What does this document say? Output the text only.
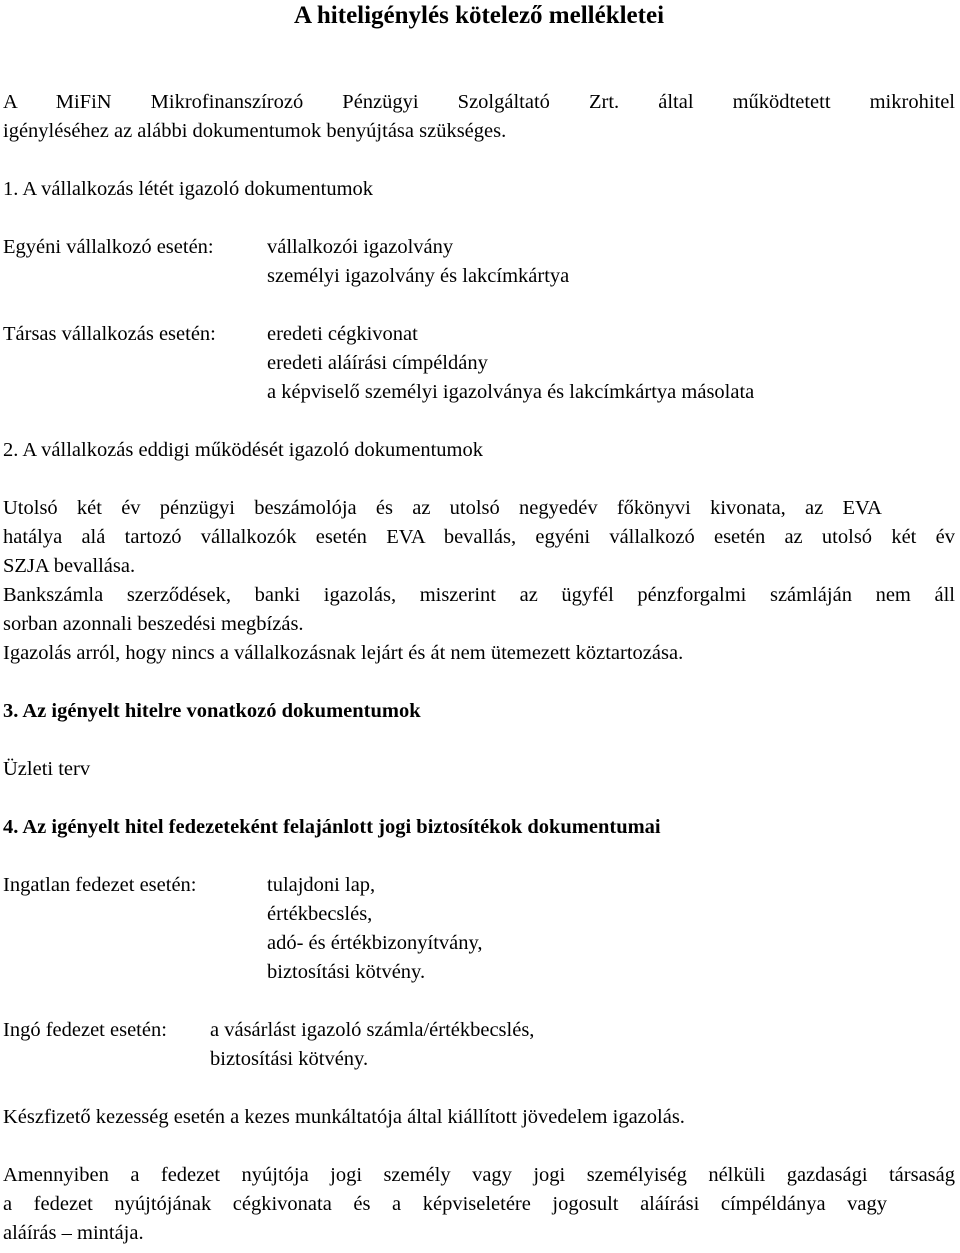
A hiteligénylés kötelező mellékletei
A MiFiN Mikrofinanszírozó Pénzügyi Szolgáltató Zrt. által működtetett mikrohitel
igényléséhez az alábbi dokumentumok benyújtása szükséges.
1. A vállalkozás létét igazoló dokumentumok
Egyéni vállalkozó esetén:	vállalkozói igazolvány
személyi igazolvány és lakcímkártya
Társas vállalkozás esetén: eredeti cégkivonat
eredeti aláírási címpéldány
a képviselő személyi igazolványa és lakcímkártya másolata
2. A vállalkozás eddigi működését igazoló dokumentumok
Utolsó két év pénzügyi beszámolója és az utolsó negyedév főkönyvi kivonata, az EVA
hatálya alá tartozó vállalkozók esetén EVA bevallás, egyéni vállalkozó esetén az utolsó két év
SZJA bevallása.
Bankszámla szerződések, banki igazolás, miszerint az ügyfél pénzforgalmi számláján nem áll
sorban azonnali beszedési megbízás.
Igazolás arról, hogy nincs a vállalkozásnak lejárt és át nem ütemezett köztartozása.
3. Az igényelt hitelre vonatkozó dokumentumok
Üzleti terv
4. Az igényelt hitel fedezeteként felajánlott jogi biztosítékok dokumentumai
Ingatlan fedezet esetén:	tulajdoni lap,
értékbecslés,
adó- és értékbizonyítvány,
biztosítási kötvény.
Ingó fedezet esetén: a vásárlást igazoló számla/értékbecslés,
biztosítási kötvény.
Készfizető kezesség esetén a kezes munkáltatója által kiállított jövedelem igazolás.
Amennyiben a fedezet nyújtója jogi személy vagy jogi személyiség nélküli gazdasági társaság
a fedezet nyújtójának cégkivonata és a képviseletére jogosult aláírási címpéldánya vagy
aláírás – mintája.
